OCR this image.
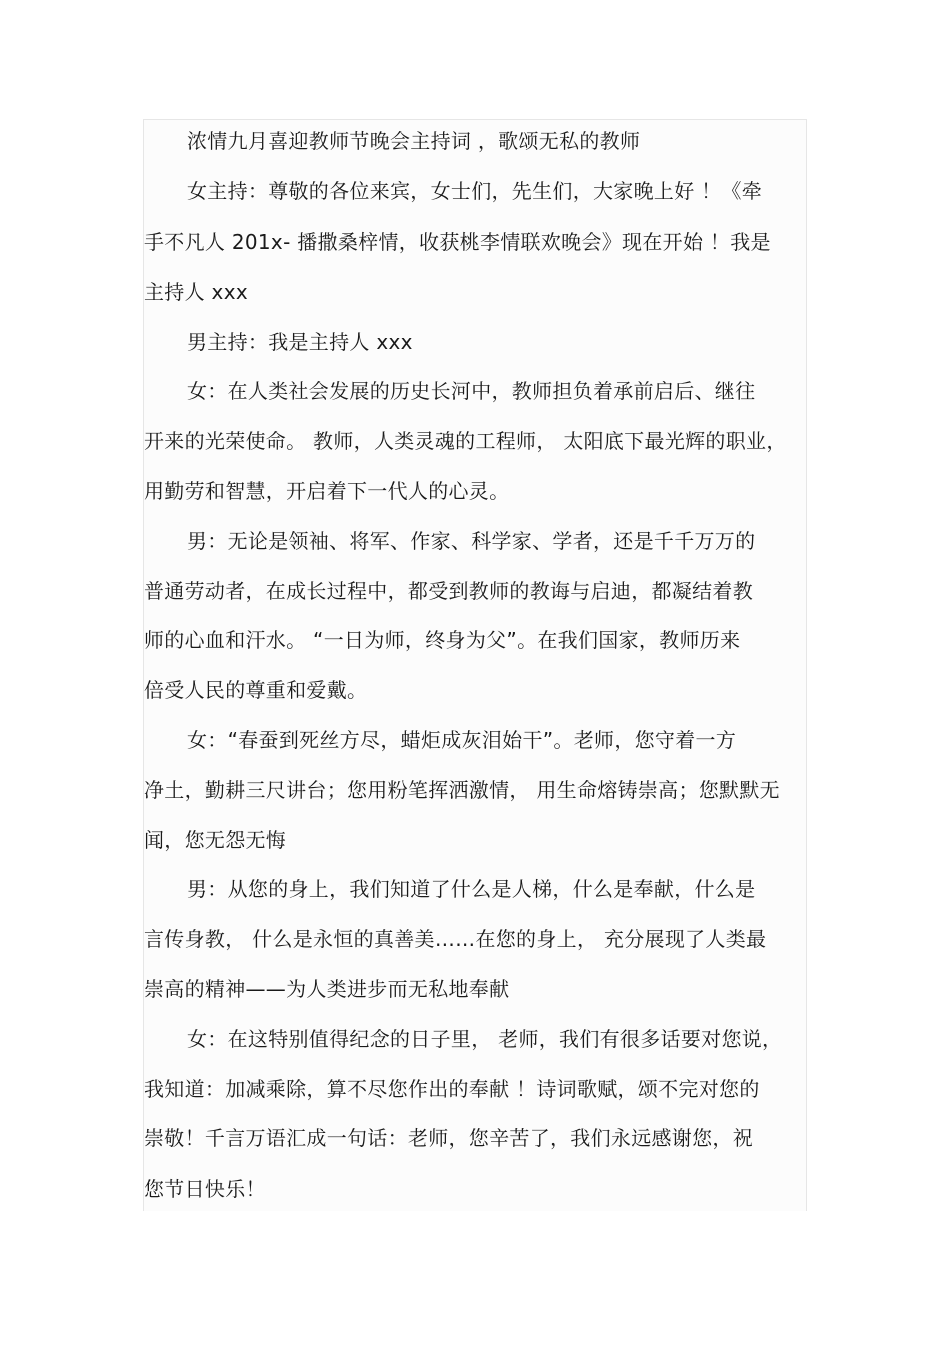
浓情九月喜迎教师节晚会主持词 ，歌颂无私的教师
女主持：尊敬的各位来宾，女士们，先生们，大家晚上好 ！《牵
手不凡人 201x- 播撒桑梓情，收获桃李情联欢晚会》现在开始 ！我是
主持人 xxx
男主持：我是主持人 xxx
女：在人类社会发展的历史长河中，教师担负着承前启后、继往
开来的光荣使命。 教师，人类灵魂的工程师， 太阳底下最光辉的职业，
用勤劳和智慧，开启着下一代人的心灵。
男：无论是领袖、将军、作家、科学家、学者，还是千千万万的
普通劳动者，在成长过程中，都受到教师的教诲与启迪，都凝结着教
师的心血和汗水。 “一日为师，终身为父”。在我们国家，教师历来
倍受人民的尊重和爱戴。
女：“春蚕到死丝方尽，蜡炬成灰泪始干”。老师，您守着一方
净土，勤耕三尺讲台；您用粉笔挥洒激情， 用生命熔铸崇高；您默默无
闻，您无怨无悔
男：从您的身上，我们知道了什么是人梯，什么是奉献，什么是
言传身教， 什么是永恒的真善美……在您的身上， 充分展现了人类最
崇高的精神——为人类进步而无私地奉献
女：在这特别值得纪念的日子里， 老师，我们有很多话要对您说，
我知道：加减乘除，算不尽您作出的奉献 ！诗词歌赋，颂不完对您的
崇敬！千言万语汇成一句话：老师，您辛苦了，我们永远感谢您，祝
您节日快乐！
